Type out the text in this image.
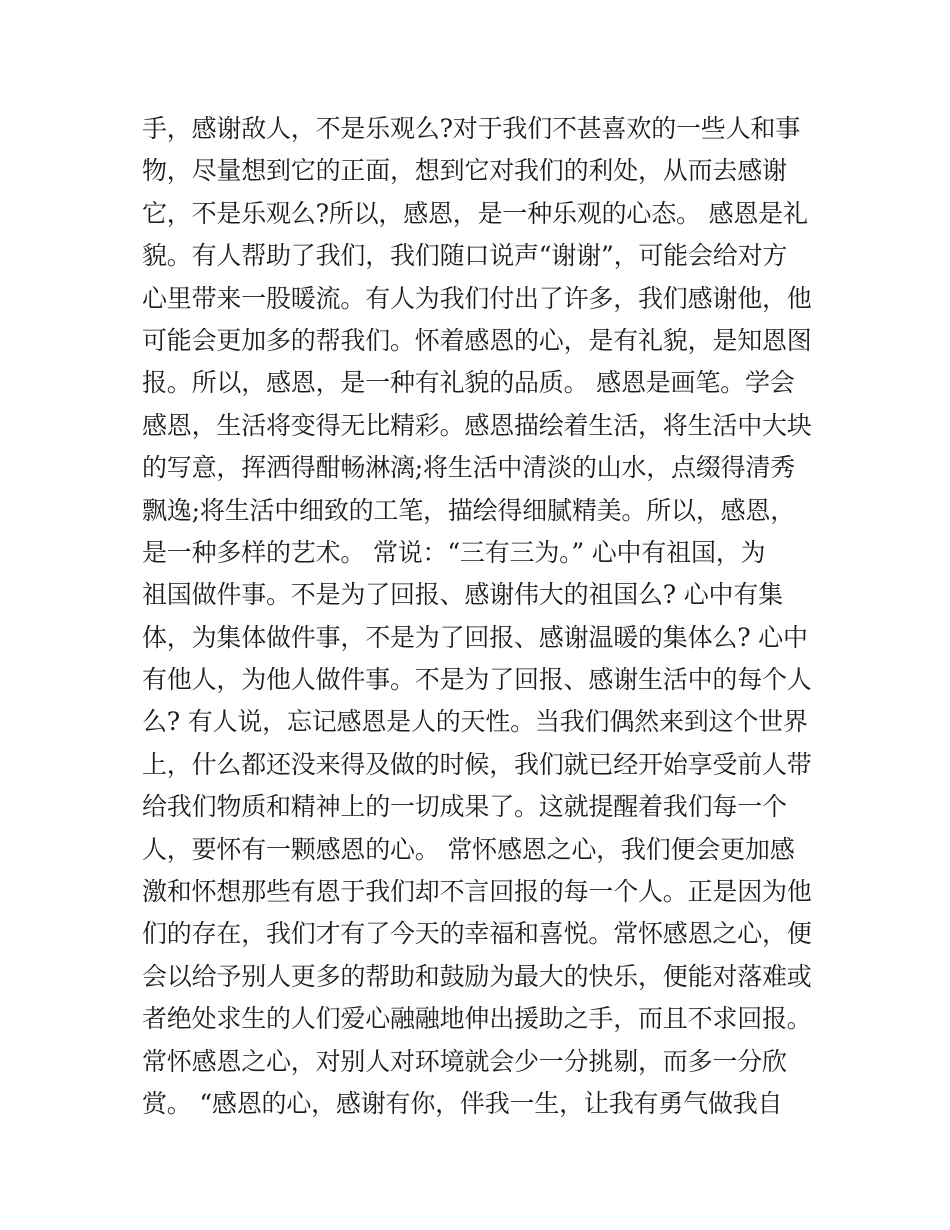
手，感谢敌人，不是乐观么?对于我们不甚喜欢的一些人和事
物，尽量想到它的正面，想到它对我们的利处，从而去感谢
它，不是乐观么?所以，感恩，是一种乐观的心态。 感恩是礼
貌。有人帮助了我们，我们随口说声“谢谢”，可能会给对方
心里带来一股暖流。有人为我们付出了许多，我们感谢他，他
可能会更加多的帮我们。怀着感恩的心，是有礼貌，是知恩图
报。所以，感恩，是一种有礼貌的品质。 感恩是画笔。学会
感恩，生活将变得无比精彩。感恩描绘着生活，将生活中大块
的写意，挥洒得酣畅淋漓;将生活中清淡的山水，点缀得清秀
飘逸;将生活中细致的工笔，描绘得细腻精美。所以，感恩，
是一种多样的艺术。 常说：“三有三为。” 心中有祖国，为
祖国做件事。不是为了回报、感谢伟大的祖国么? 心中有集
体，为集体做件事，不是为了回报、感谢温暖的集体么? 心中
有他人，为他人做件事。不是为了回报、感谢生活中的每个人
么? 有人说，忘记感恩是人的天性。当我们偶然来到这个世界
上，什么都还没来得及做的时候，我们就已经开始享受前人带
给我们物质和精神上的一切成果了。这就提醒着我们每一个
人，要怀有一颗感恩的心。 常怀感恩之心，我们便会更加感
激和怀想那些有恩于我们却不言回报的每一个人。正是因为他
们的存在，我们才有了今天的幸福和喜悦。常怀感恩之心，便
会以给予别人更多的帮助和鼓励为最大的快乐，便能对落难或
者绝处求生的人们爱心融融地伸出援助之手，而且不求回报。
常怀感恩之心，对别人对环境就会少一分挑剔，而多一分欣
赏。 “感恩的心，感谢有你，伴我一生，让我有勇气做我自
